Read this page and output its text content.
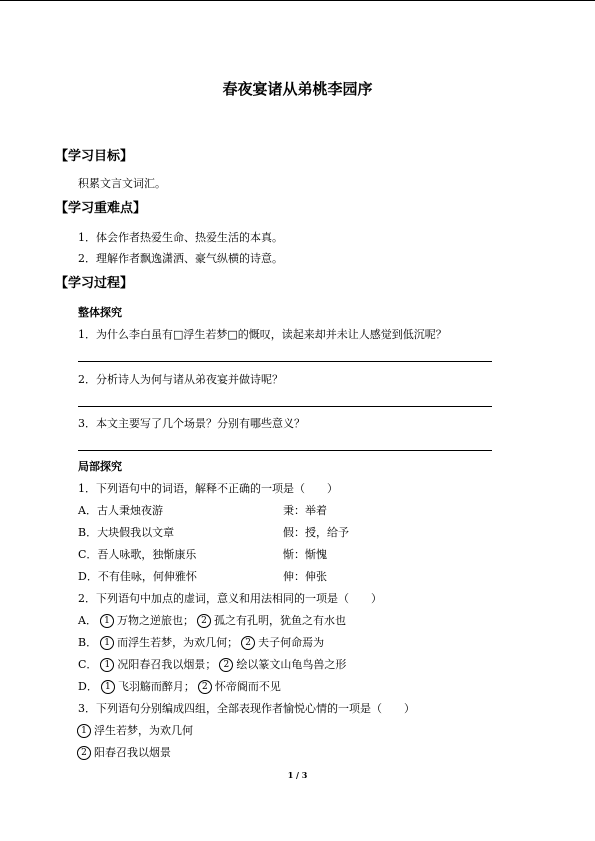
春夜宴诸从弟桃李园序
【学习目标】
积累文言文词汇。
【学习重难点】
1．体会作者热爱生命、热爱生活的本真。
2．理解作者飘逸潇洒、豪气纵横的诗意。
【学习过程】
整体探究
1．为什么李白虽有□浮生若梦□的慨叹，读起来却并未让人感觉到低沉呢？
2．分析诗人为何与诸从弟夜宴并做诗呢？
3．本文主要写了几个场景？分别有哪些意义？
局部探究
1．下列语句中的词语，解释不正确的一项是（　　）
A．古人秉烛夜游	秉：举着
B．大块假我以文章	假：授，给予
C．吾人咏歌，独惭康乐	惭：惭愧
D．不有佳咏，何伸雅怀	伸：伸张
2．下列语句中加点的虚词，意义和用法相同的一项是（　　）
A． 1 万物之逆旅也； 2 孤之有孔明，犹鱼之有水也
B． 1 而浮生若梦，为欢几何； 2 夫子何命焉为
C． 1 况阳春召我以烟景； 2 绘以篆文山龟鸟兽之形
D． 1 飞羽觞而醉月； 2 怀帝阍而不见
3．下列语句分别编成四组，全部表现作者愉悦心情的一项是（　　）
1 浮生若梦，为欢几何
2 阳春召我以烟景
1 / 3
